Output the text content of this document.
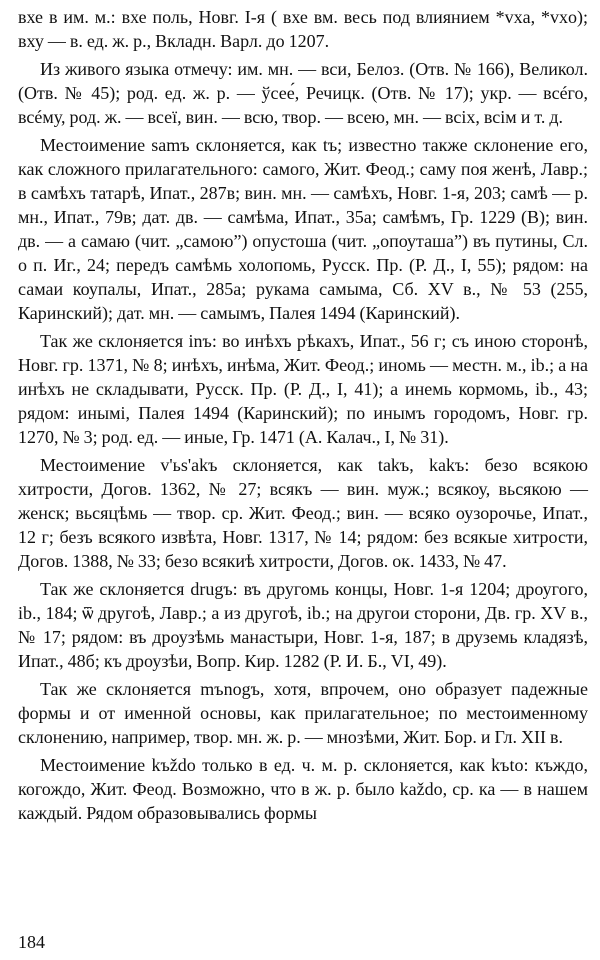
вхе в им. м.: вхе поль, Новг. I-я ( вхе вм. весь под влиянием *vxa, *vxo); вху — в. ед. ж. р., Вкладн. Варл. до 1207.

Из живого языка отмечу: им. мн. — вси, Белоз. (Отв. № 166), Великол. (Отв. № 45); род. ед. ж. р. — ўсее́, Речицк. (Отв. № 17); укр. — всéго, всéму, род. ж. — всеї, вин. — всю, твор. — всею, мн. — всіх, всім и т. д.

Местоимение samъ склоняется, как tъ; известно также склонение его, как сложного прилагательного: самого, Жит. Феод.; саму поя женѣ, Лавр.; в самѣхъ татарѣ, Ипат., 287в; вин. мн. — самѣхъ, Новг. 1-я, 203; самѣ — р. мн., Ипат., 79в; дат. дв. — самѣма, Ипат., 35а; самѣмъ, Гр. 1229 (В); вин. дв. — а самаю (чит. „самоюˮ) опустоша (чит. „опоуташаˮ) въ путины, Сл. о п. Иг., 24; передъ самѣмь холопомь, Русск. Пр. (Р. Д., I, 55); рядом: на самаи коупалы, Ипат., 285а; рукама самыма, Сб. XV в., № 53 (255, Каринский); дат. мн. — самымъ, Палея 1494 (Каринский).

Так же склоняется inъ: во инѣхъ рѣкахъ, Ипат., 56 г; съ иною сторонѣ, Новг. гр. 1371, № 8; инѣхъ, инѣма, Жит. Феод.; иномь — местн. м., ib.; а на инѣхъ не складывати, Русск. Пр. (Р. Д., I, 41); а инемь кормомь, ib., 43; рядом: инымі, Палея 1494 (Каринский); по инымъ городомъ, Новг. гр. 1270, № 3; род. ед. — иные, Гр. 1471 (А. Калач., I, № 31).

Местоимение v'ьs'akъ склоняется, как takъ, kakъ: безо всякою хитрости, Догов. 1362, № 27; всякъ — вин. муж.; всякоу, вьсякою — женск; вьсяцѣмь — твор. ср. Жит. Феод.; вин. — всяко оузорочье, Ипат., 12 г; безъ всякого извѣта, Новг. 1317, № 14; рядом: без всякые хитрости, Догов. 1388, № 33; безо всякиѣ хитрости, Догов. ок. 1433, № 47.

Так же склоняется drugъ: въ другомь концы, Новг. 1-я 1204; дроугого, ib., 184; ѿ другоѣ, Лавр.; а из другоѣ, ib.; на другои сторони, Дв. гр. XV в., № 17; рядом: въ дроузѣмь манастыри, Новг. 1-я, 187; в друземь кладязѣ, Ипат., 48б; къ дроузѣи, Вопр. Кир. 1282 (Р. И. Б., VI, 49).

Так же склоняется mъnogъ, хотя, впрочем, оно образует падежные формы и от именной основы, как прилагательное; по местоименному склонению, например, твор. мн. ж. р. — мнозѣми, Жит. Бор. и Гл. XII в.

Местоимение kъždo только в ед. ч. м. р. склоняется, как kъto: къждо, когождо, Жит. Феод. Возможно, что в ж. р. было každo, ср. ка — в нашем каждый. Рядом образовывались формы

184
